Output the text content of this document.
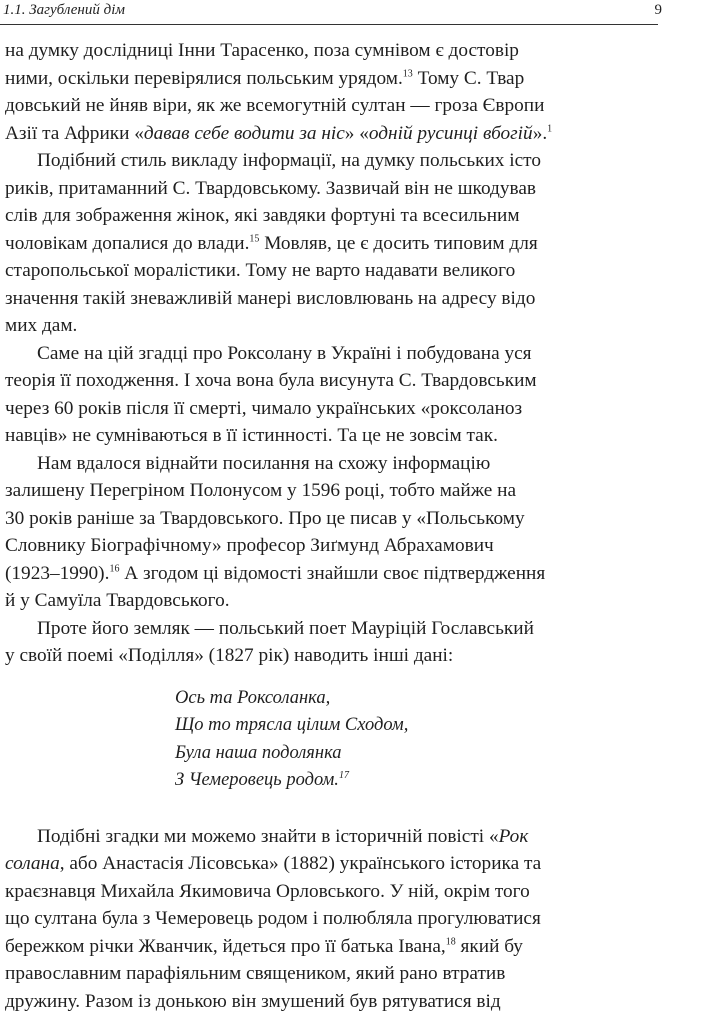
1.1. Загублений дім	9

на думку дослідниці Інни Тарасенко, поза сумнівом є достовір
ними, оскільки перевірялися польським урядом.$^{13}$ Тому С. Твар
довський не йняв віри, як же всемогутній султан — гроза Європи
Азії та Африки «давав себе водити за ніс» «одній русинці вбогій».$^1$

Подібний стиль викладу інформації, на думку польських істо
риків, притаманний С. Твардовському. Зазвичай він не шкодував
слів для зображення жінок, які завдяки фортуні та всесильним
чоловікам допалися до влади.$^{15}$ Мовляв, це є досить типовим для
старопольської моралістики. Тому не варто надавати великого
значення такій зневажливій манері висловлювань на адресу відо
мих дам.

Саме на цій згадці про Роксолану в Україні і побудована уся
теорія її походження. І хоча вона була висунута С. Твардовським
через 60 років після її смерті, чимало українських «роксоланоз
навців» не сумніваються в її істинності. Та це не зовсім так.

Нам вдалося віднайти посилання на схожу інформацію
залишену Перегріном Полонусом у 1596 році, тобто майже на
30 років раніше за Твардовського. Про це писав у «Польському
Словнику Біографічному» професор Зиґмунд Абрахамович
(1923–1990).$^{16}$ А згодом ці відомості знайшли своє підтвердження
й у Самуїла Твардовського.

Проте його земляк — польський поет Мауріцій Гославський
у своїй поемі «Поділля» (1827 рік) наводить інші дані:

Ось та Роксоланка,
Що то трясла цілим Сходом,
Була наша подолянка
З Чемеровець родом.$^{17}$

Подібні згадки ми можемо знайти в історичній повісті «Рок
солана, або Анастасія Лісовська» (1882) українського історика та
краєзнавця Михайла Якимовича Орловського. У ній, окрім того
що султана була з Чемеровець родом і полюбляла прогулюватися
бережком річки Жванчик, йдеться про її батька Івана,$^{18}$ який бу
православним парафіяльним священиком, який рано втратив
дружину. Разом із донькою він змушений був рятуватися від
